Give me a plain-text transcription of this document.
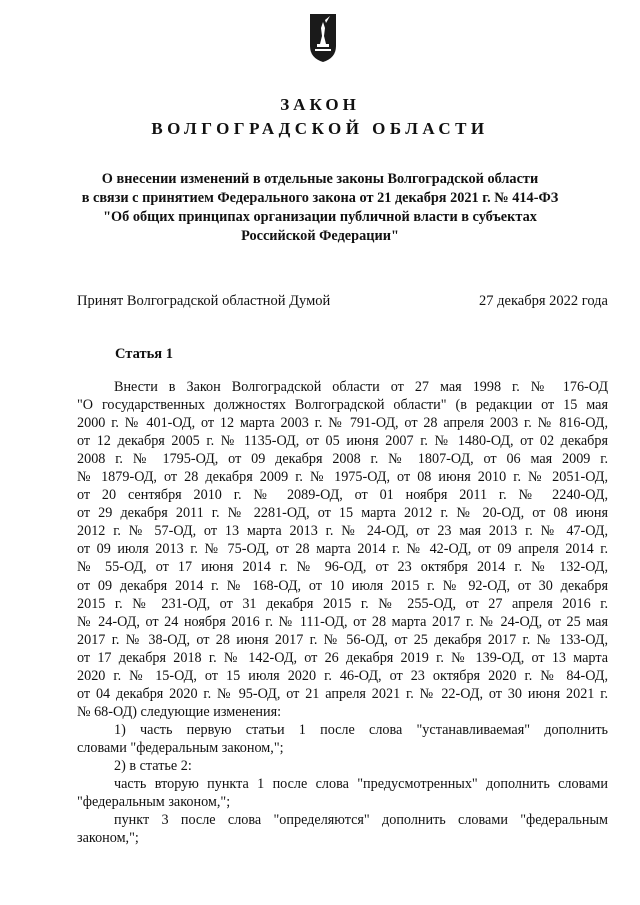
ЗАКОН
ВОЛГОГРАДСКОЙ ОБЛАСТИ
О внесении изменений в отдельные законы Волгоградской области
в связи с принятием Федерального закона от 21 декабря 2021 г. № 414-ФЗ
"Об общих принципах организации публичной власти в субъектах
Российской Федерации"
Принят Волгоградской областной Думой	27 декабря 2022 года
Статья 1

Внести в Закон Волгоградской области от 27 мая 1998 г. № 176-ОД
"О государственных должностях Волгоградской области" (в редакции от 15 мая
2000 г. № 401-ОД, от 12 марта 2003 г. № 791-ОД, от 28 апреля 2003 г. № 816-ОД,
от 12 декабря 2005 г. № 1135-ОД, от 05 июня 2007 г. № 1480-ОД, от 02 декабря
2008 г. № 1795-ОД, от 09 декабря 2008 г. № 1807-ОД, от 06 мая 2009 г.
№ 1879-ОД, от 28 декабря 2009 г. № 1975-ОД, от 08 июня 2010 г. № 2051-ОД,
от 20 сентября 2010 г. № 2089-ОД, от 01 ноября 2011 г. № 2240-ОД,
от 29 декабря 2011 г. № 2281-ОД, от 15 марта 2012 г. № 20-ОД, от 08 июня
2012 г. № 57-ОД, от 13 марта 2013 г. № 24-ОД, от 23 мая 2013 г. № 47-ОД,
от 09 июля 2013 г. № 75-ОД, от 28 марта 2014 г. № 42-ОД, от 09 апреля 2014 г.
№ 55-ОД, от 17 июня 2014 г. № 96-ОД, от 23 октября 2014 г. № 132-ОД,
от 09 декабря 2014 г. № 168-ОД, от 10 июля 2015 г. № 92-ОД, от 30 декабря
2015 г. № 231-ОД, от 31 декабря 2015 г. № 255-ОД, от 27 апреля 2016 г.
№ 24-ОД, от 24 ноября 2016 г. № 111-ОД, от 28 марта 2017 г. № 24-ОД, от 25 мая
2017 г. № 38-ОД, от 28 июня 2017 г. № 56-ОД, от 25 декабря 2017 г. № 133-ОД,
от 17 декабря 2018 г. № 142-ОД, от 26 декабря 2019 г. № 139-ОД, от 13 марта
2020 г. № 15-ОД, от 15 июля 2020 г. 46-ОД, от 23 октября 2020 г. № 84-ОД,
от 04 декабря 2020 г. № 95-ОД, от 21 апреля 2021 г. № 22-ОД, от 30 июня 2021 г.
№ 68-ОД) следующие изменения:

1) часть первую статьи 1 после слова "устанавливаемая" дополнить
словами "федеральным законом,";

2) в статье 2:

часть вторую пункта 1 после слова "предусмотренных" дополнить словами
"федеральным законом,";

пункт 3 после слова "определяются" дополнить словами "федеральным
законом,";
